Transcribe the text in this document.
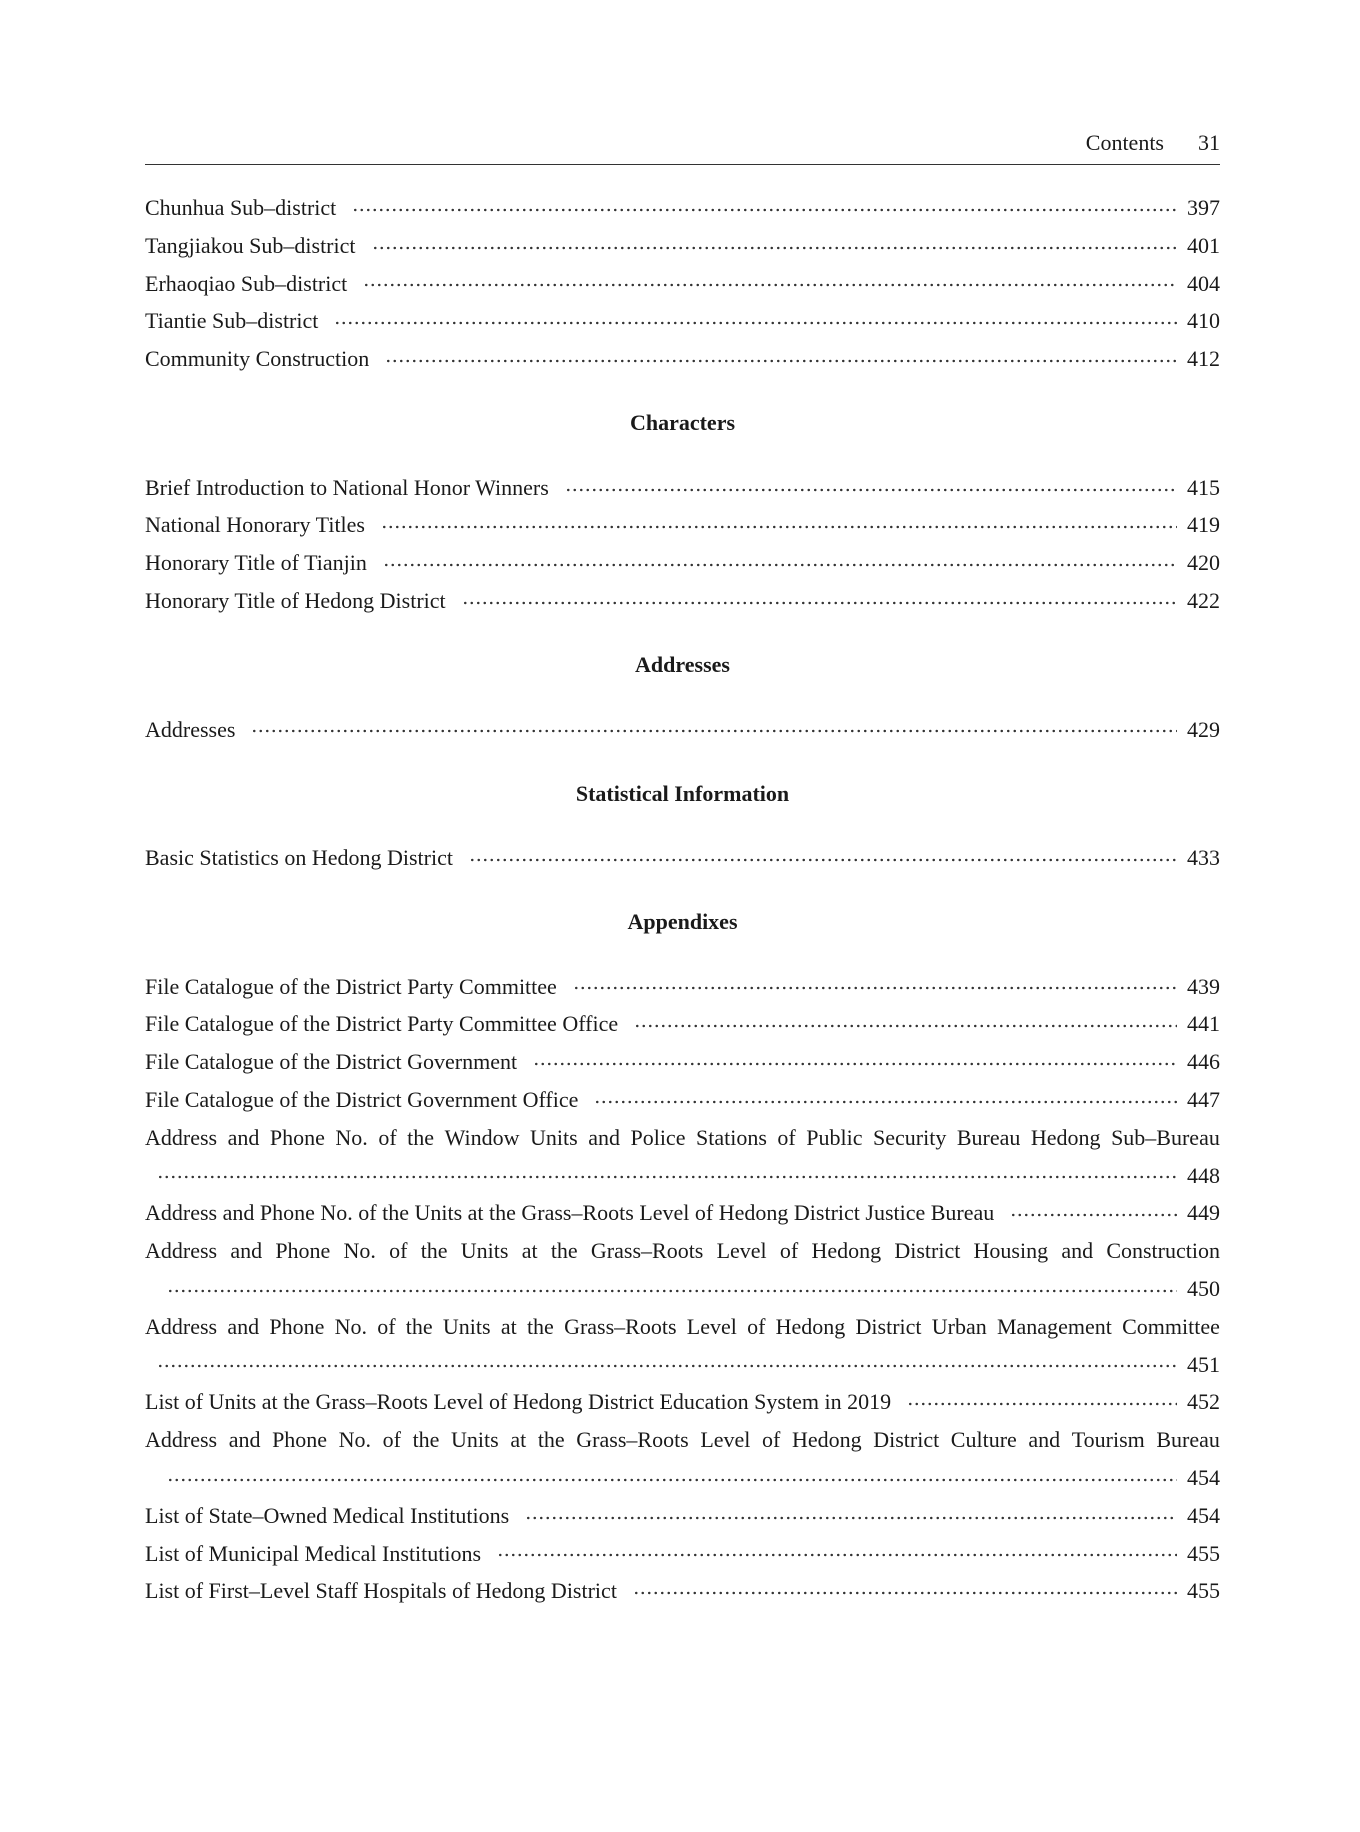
Contents 31
Chunhua Sub–district	397
Tangjiakou Sub–district	401
Erhaoqiao Sub–district	404
Tiantie Sub–district	410
Community Construction	412
Characters
Brief Introduction to National Honor Winners	415
National Honorary Titles	419
Honorary Title of Tianjin	420
Honorary Title of Hedong District	422
Addresses
Addresses	429
Statistical Information
Basic Statistics on Hedong District	433
Appendixes
File Catalogue of the District Party Committee	439
File Catalogue of the District Party Committee Office	441
File Catalogue of the District Government	446
File Catalogue of the District Government Office	447
Address and Phone No. of the Window Units and Police Stations of Public Security Bureau Hedong Sub–Bureau
448
Address and Phone No. of the Units at the Grass–Roots Level of Hedong District Justice Bureau	449
Address and Phone No. of the Units at the Grass–Roots Level of Hedong District Housing and Construction
450
Address and Phone No. of the Units at the Grass–Roots Level of Hedong District Urban Management Committee
451
List of Units at the Grass–Roots Level of Hedong District Education System in 2019	452
Address and Phone No. of the Units at the Grass–Roots Level of Hedong District Culture and Tourism Bureau
454
List of State–Owned Medical Institutions	454
List of Municipal Medical Institutions	455
List of First–Level Staff Hospitals of Hedong District	455
